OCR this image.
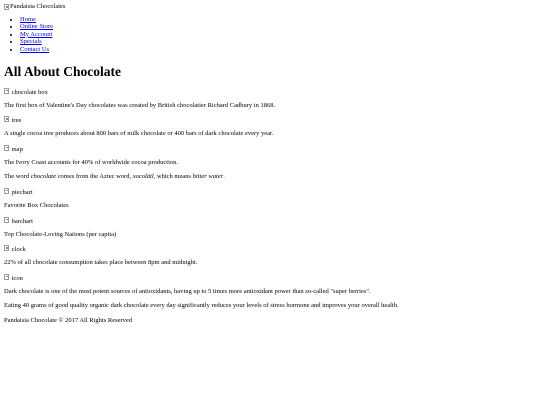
Pandaisia Chocolates
• Home
• Online Store
• My Account
• Specials
• Contact Us
All About Chocolate
chocolate box

The first box of Valentine's Day chocolates was created by British chocolatier Richard Cadbury in 1868.

tree

A single cocoa tree produces about 800 bars of milk chocolate or 400 bars of dark chocolate every year.

map

The Ivory Coast accounts for 40% of worldwide cocoa production.

The word chocolate comes from the Aztec word, xocolātl, which means bitter water.

piechart

Favorite Box Chocolates

barchart

Top Chocolate-Loving Nations (per capita)

clock

22% of all chocolate consumption takes place between 8pm and midnight.

icon

Dark chocolate is one of the most potent sources of antioxidants, having up to 5 times more antioxidant power than so-called "super berries".

Eating 40 grams of good quality organic dark chocolate every day significantly reduces your levels of stress hormone and improves your overall health.

Pandaisia Chocolate © 2017 All Rights Reserved
